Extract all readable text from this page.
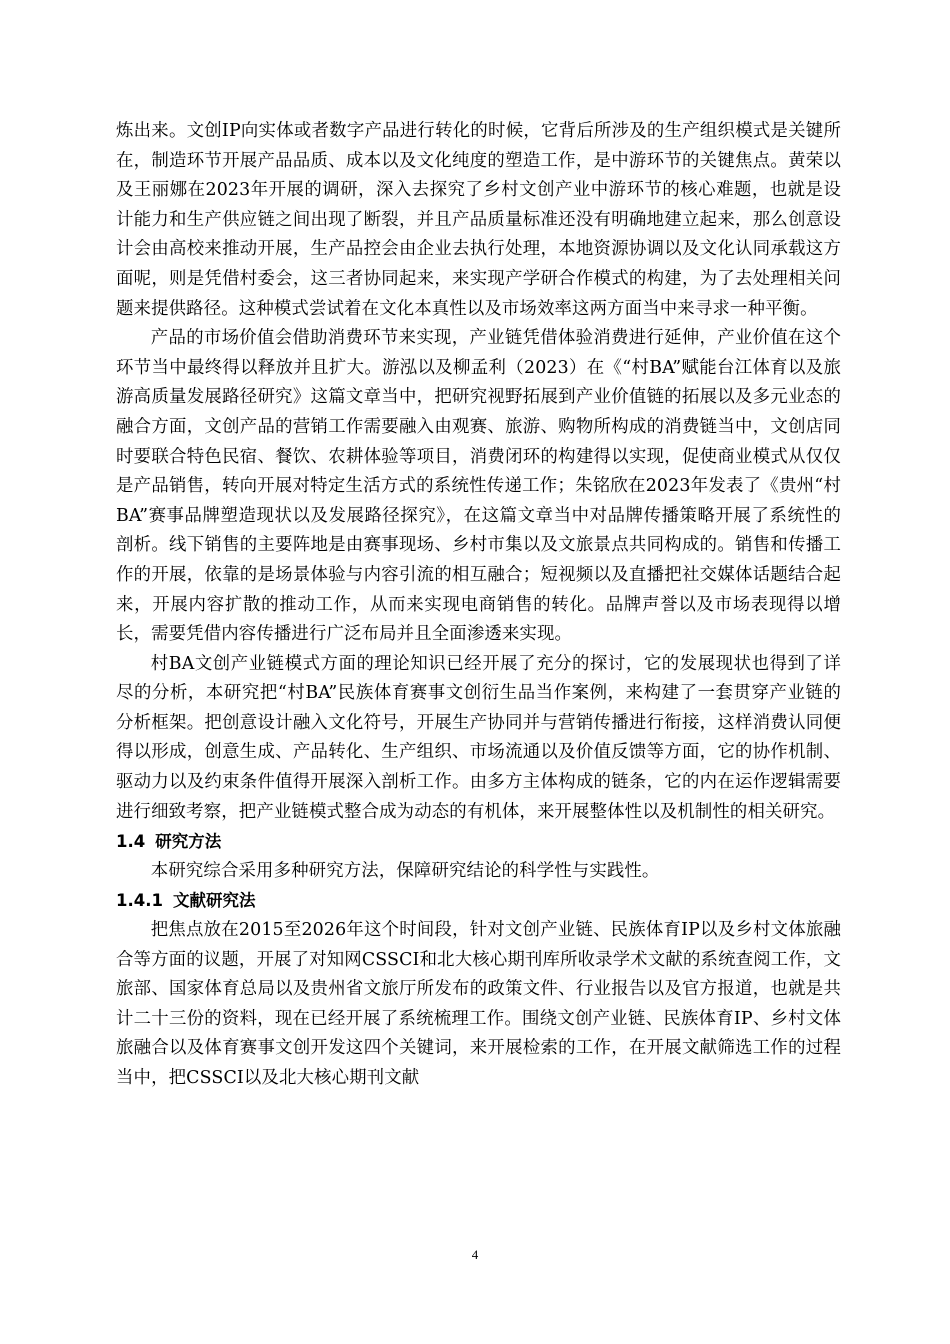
炼出来。文创IP向实体或者数字产品进行转化的时候，它背后所涉及的生产组织模式是关键所在，制造环节开展产品品质、成本以及文化纯度的塑造工作，是中游环节的关键焦点。黄荣以及王丽娜在2023年开展的调研，深入去探究了乡村文创产业中游环节的核心难题，也就是设计能力和生产供应链之间出现了断裂，并且产品质量标准还没有明确地建立起来，那么创意设计会由高校来推动开展，生产品控会由企业去执行处理，本地资源协调以及文化认同承载这方面呢，则是凭借村委会，这三者协同起来，来实现产学研合作模式的构建，为了去处理相关问题来提供路径。这种模式尝试着在文化本真性以及市场效率这两方面当中来寻求一种平衡。

产品的市场价值会借助消费环节来实现，产业链凭借体验消费进行延伸，产业价值在这个环节当中最终得以释放并且扩大。游泓以及柳孟利（2023）在《“村BA”赋能台江体育以及旅游高质量发展路径研究》这篇文章当中，把研究视野拓展到产业价值链的拓展以及多元业态的融合方面，文创产品的营销工作需要融入由观赛、旅游、购物所构成的消费链当中，文创店同时要联合特色民宿、餐饮、农耕体验等项目，消费闭环的构建得以实现，促使商业模式从仅仅是产品销售，转向开展对特定生活方式的系统性传递工作；朱铭欣在2023年发表了《贵州“村BA”赛事品牌塑造现状以及发展路径探究》，在这篇文章当中对品牌传播策略开展了系统性的剖析。线下销售的主要阵地是由赛事现场、乡村市集以及文旅景点共同构成的。销售和传播工作的开展，依靠的是场景体验与内容引流的相互融合；短视频以及直播把社交媒体话题结合起来，开展内容扩散的推动工作，从而来实现电商销售的转化。品牌声誉以及市场表现得以增长，需要凭借内容传播进行广泛布局并且全面渗透来实现。

村BA文创产业链模式方面的理论知识已经开展了充分的探讨，它的发展现状也得到了详尽的分析，本研究把“村BA”民族体育赛事文创衍生品当作案例，来构建了一套贯穿产业链的分析框架。把创意设计融入文化符号，开展生产协同并与营销传播进行衔接，这样消费认同便得以形成，创意生成、产品转化、生产组织、市场流通以及价值反馈等方面，它的协作机制、驱动力以及约束条件值得开展深入剖析工作。由多方主体构成的链条，它的内在运作逻辑需要进行细致考察，把产业链模式整合成为动态的有机体，来开展整体性以及机制性的相关研究。

1.4 研究方法

本研究综合采用多种研究方法，保障研究结论的科学性与实践性。

1.4.1 文献研究法

把焦点放在2015至2026年这个时间段，针对文创产业链、民族体育IP以及乡村文体旅融合等方面的议题，开展了对知网CSSCI和北大核心期刊库所收录学术文献的系统查阅工作，文旅部、国家体育总局以及贵州省文旅厅所发布的政策文件、行业报告以及官方报道，也就是共计二十三份的资料，现在已经开展了系统梳理工作。围绕文创产业链、民族体育IP、乡村文体旅融合以及体育赛事文创开发这四个关键词，来开展检索的工作，在开展文献筛选工作的过程当中，把CSSCI以及北大核心期刊文献

4
